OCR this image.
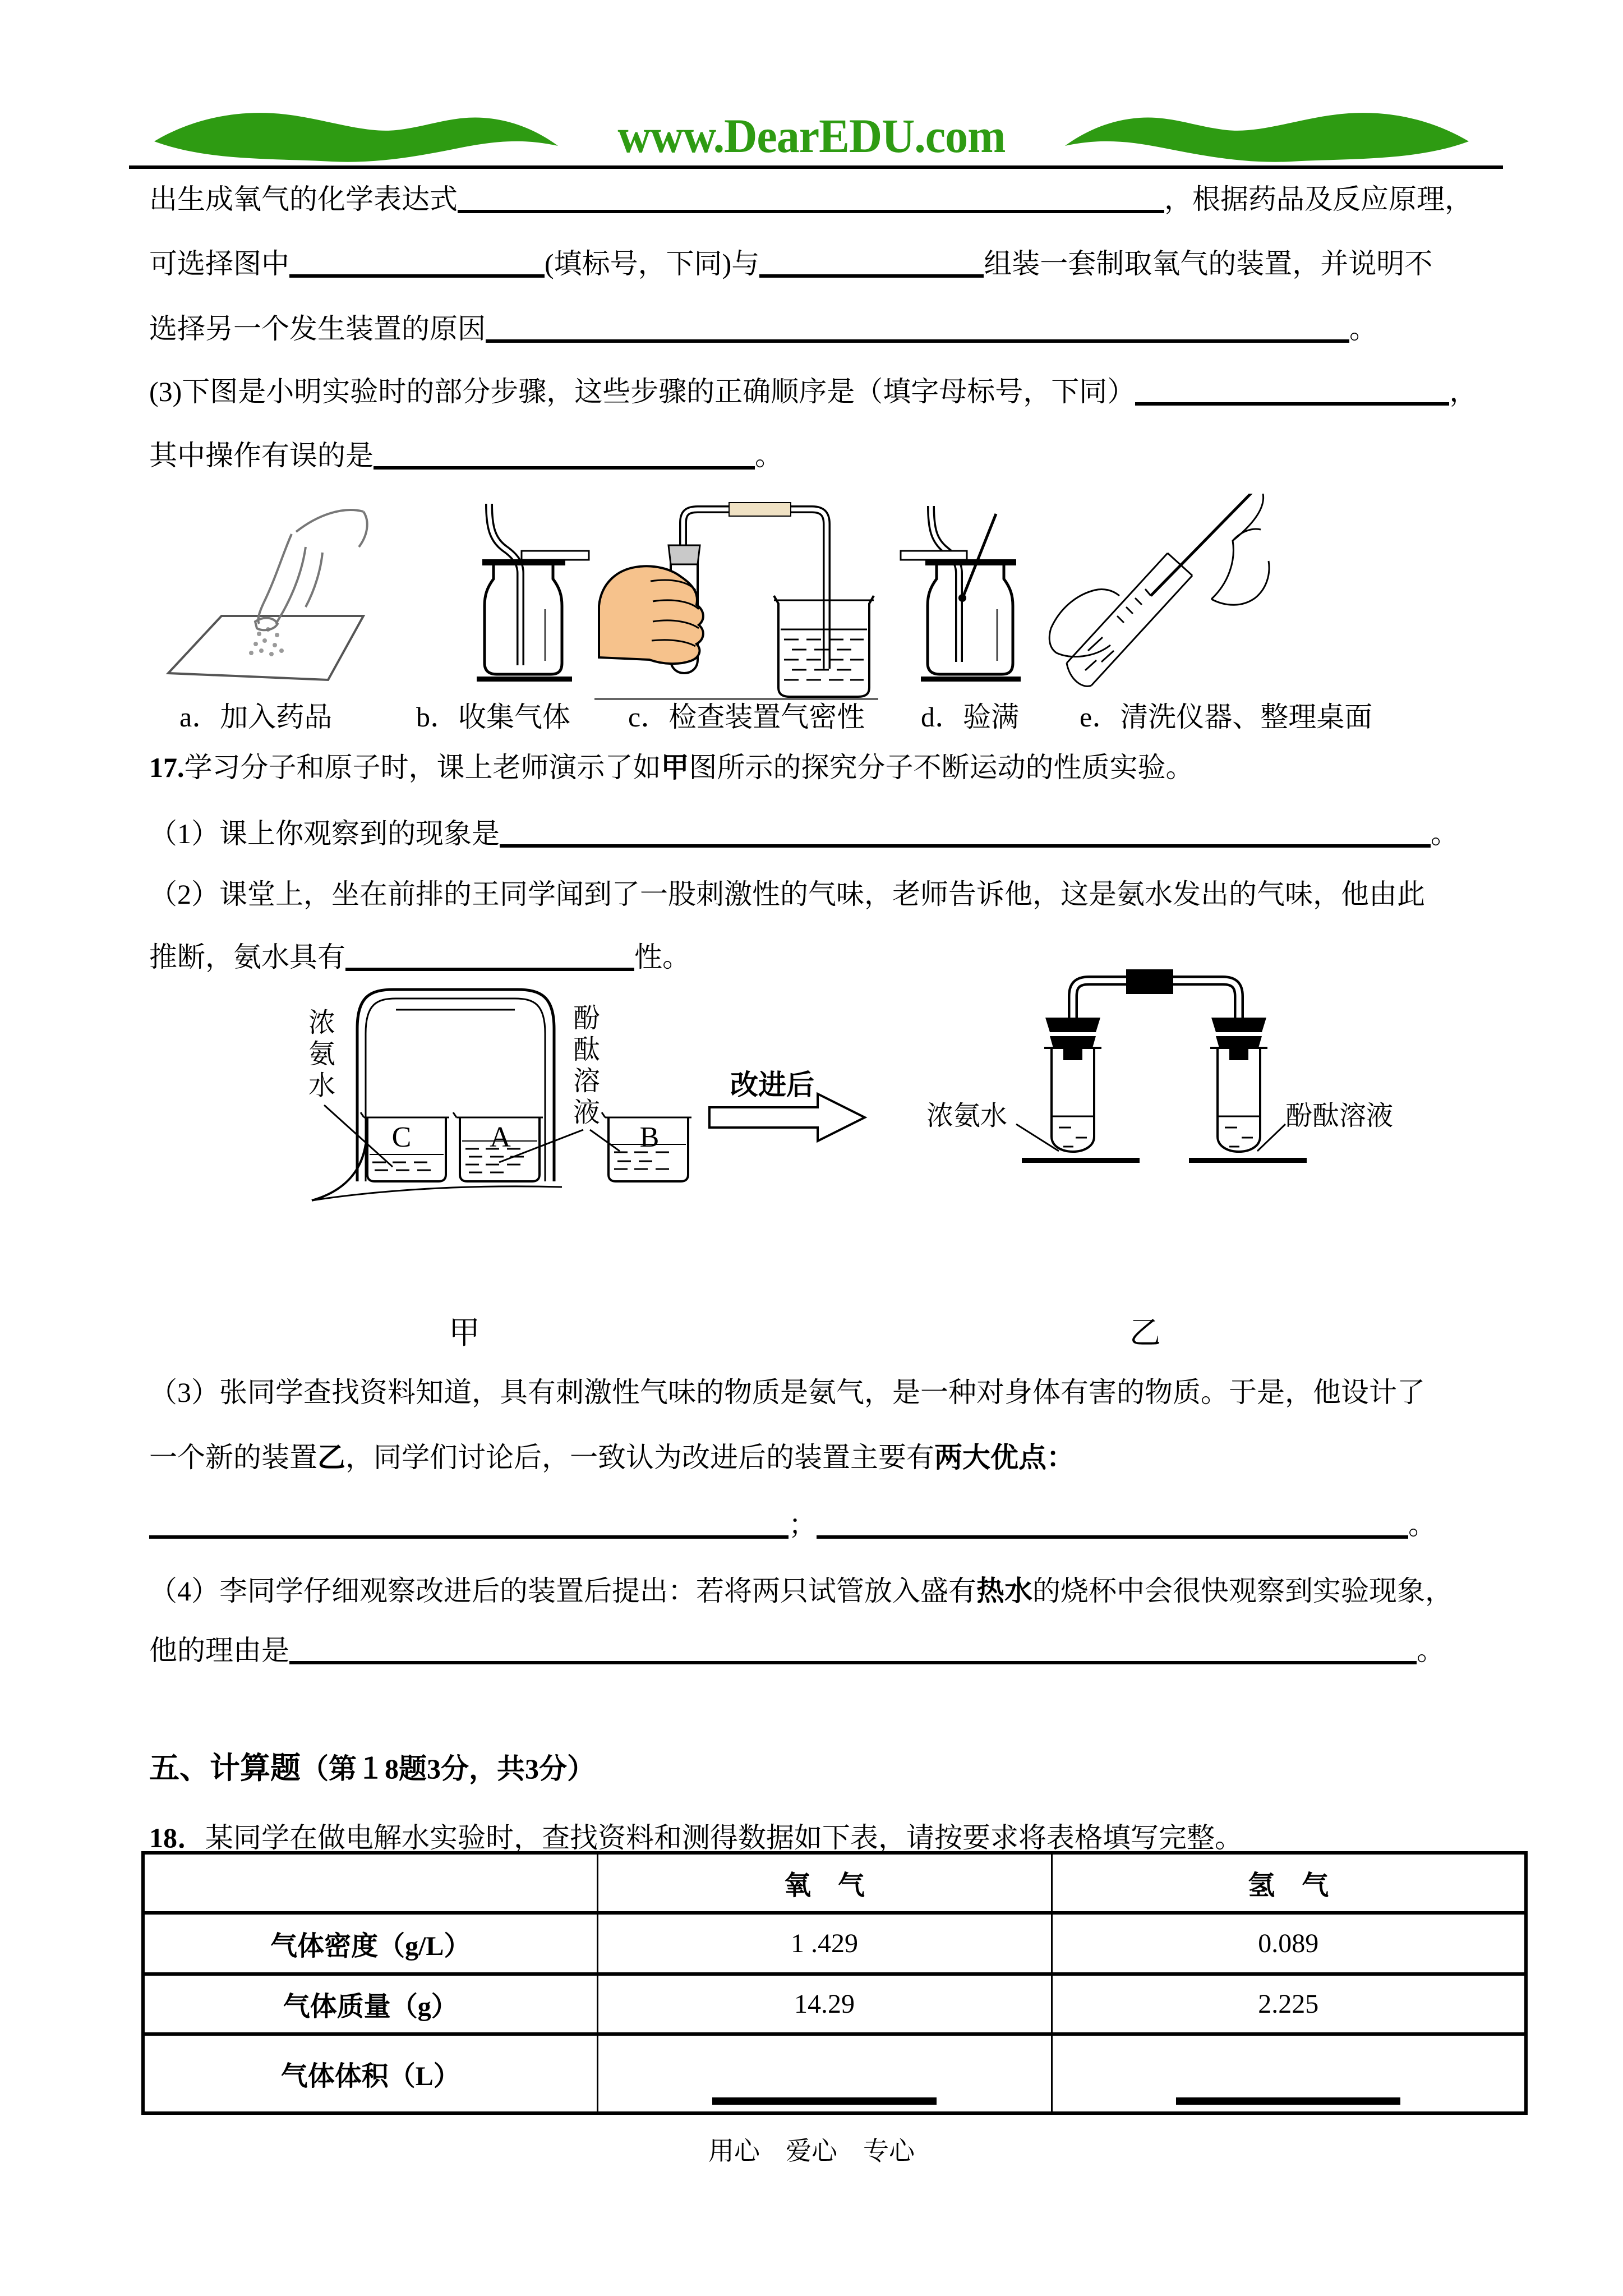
www.DearEDU.com
出生成氧气的化学表达式	，根据药品及反应原理，
可选择图中	(填标号，下同)与	组装一套制取氧气的装置，并说明不
选择另一个发生装置的原因	。
(3)下图是小明实验时的部分步骤，这些步骤的正确顺序是（填字母标号，下同）	，
其中操作有误的是	。
a．加入药品	b．收集气体 c．检查装置气密性 d．验满 e．清洗仪器、整理桌面
17.学习分子和原子时，课上老师演示了如甲图所示的探究分子不断运动的性质实验。
（1）课上你观察到的现象是	。
（2）课堂上，坐在前排的王同学闻到了一股刺激性的气味，老师告诉他，这是氨水发出的气味，他由此
推断，氨水具有	性。
浓氨水
酚酞溶液
C	A	B
改进后
浓氨水	酚酞溶液
甲	乙
（3）张同学查找资料知道，具有刺激性气味的物质是氨气，是一种对身体有害的物质。于是，他设计了
一个新的装置乙，同学们讨论后，一致认为改进后的装置主要有两大优点：
；	。
（4）李同学仔细观察改进后的装置后提出：若将两只试管放入盛有热水的烧杯中会很快观察到实验现象，
他的理由是	。
五、计算题（第１8题3分，共3分）
18．某同学在做电解水实验时，查找资料和测得数据如下表，请按要求将表格填写完整。
	氧　气	氢　气
气体密度（g/L）	1 .429	0.089
气体质量（g）	14.29	2.225
气体体积（L）	

用心　爱心　专心
